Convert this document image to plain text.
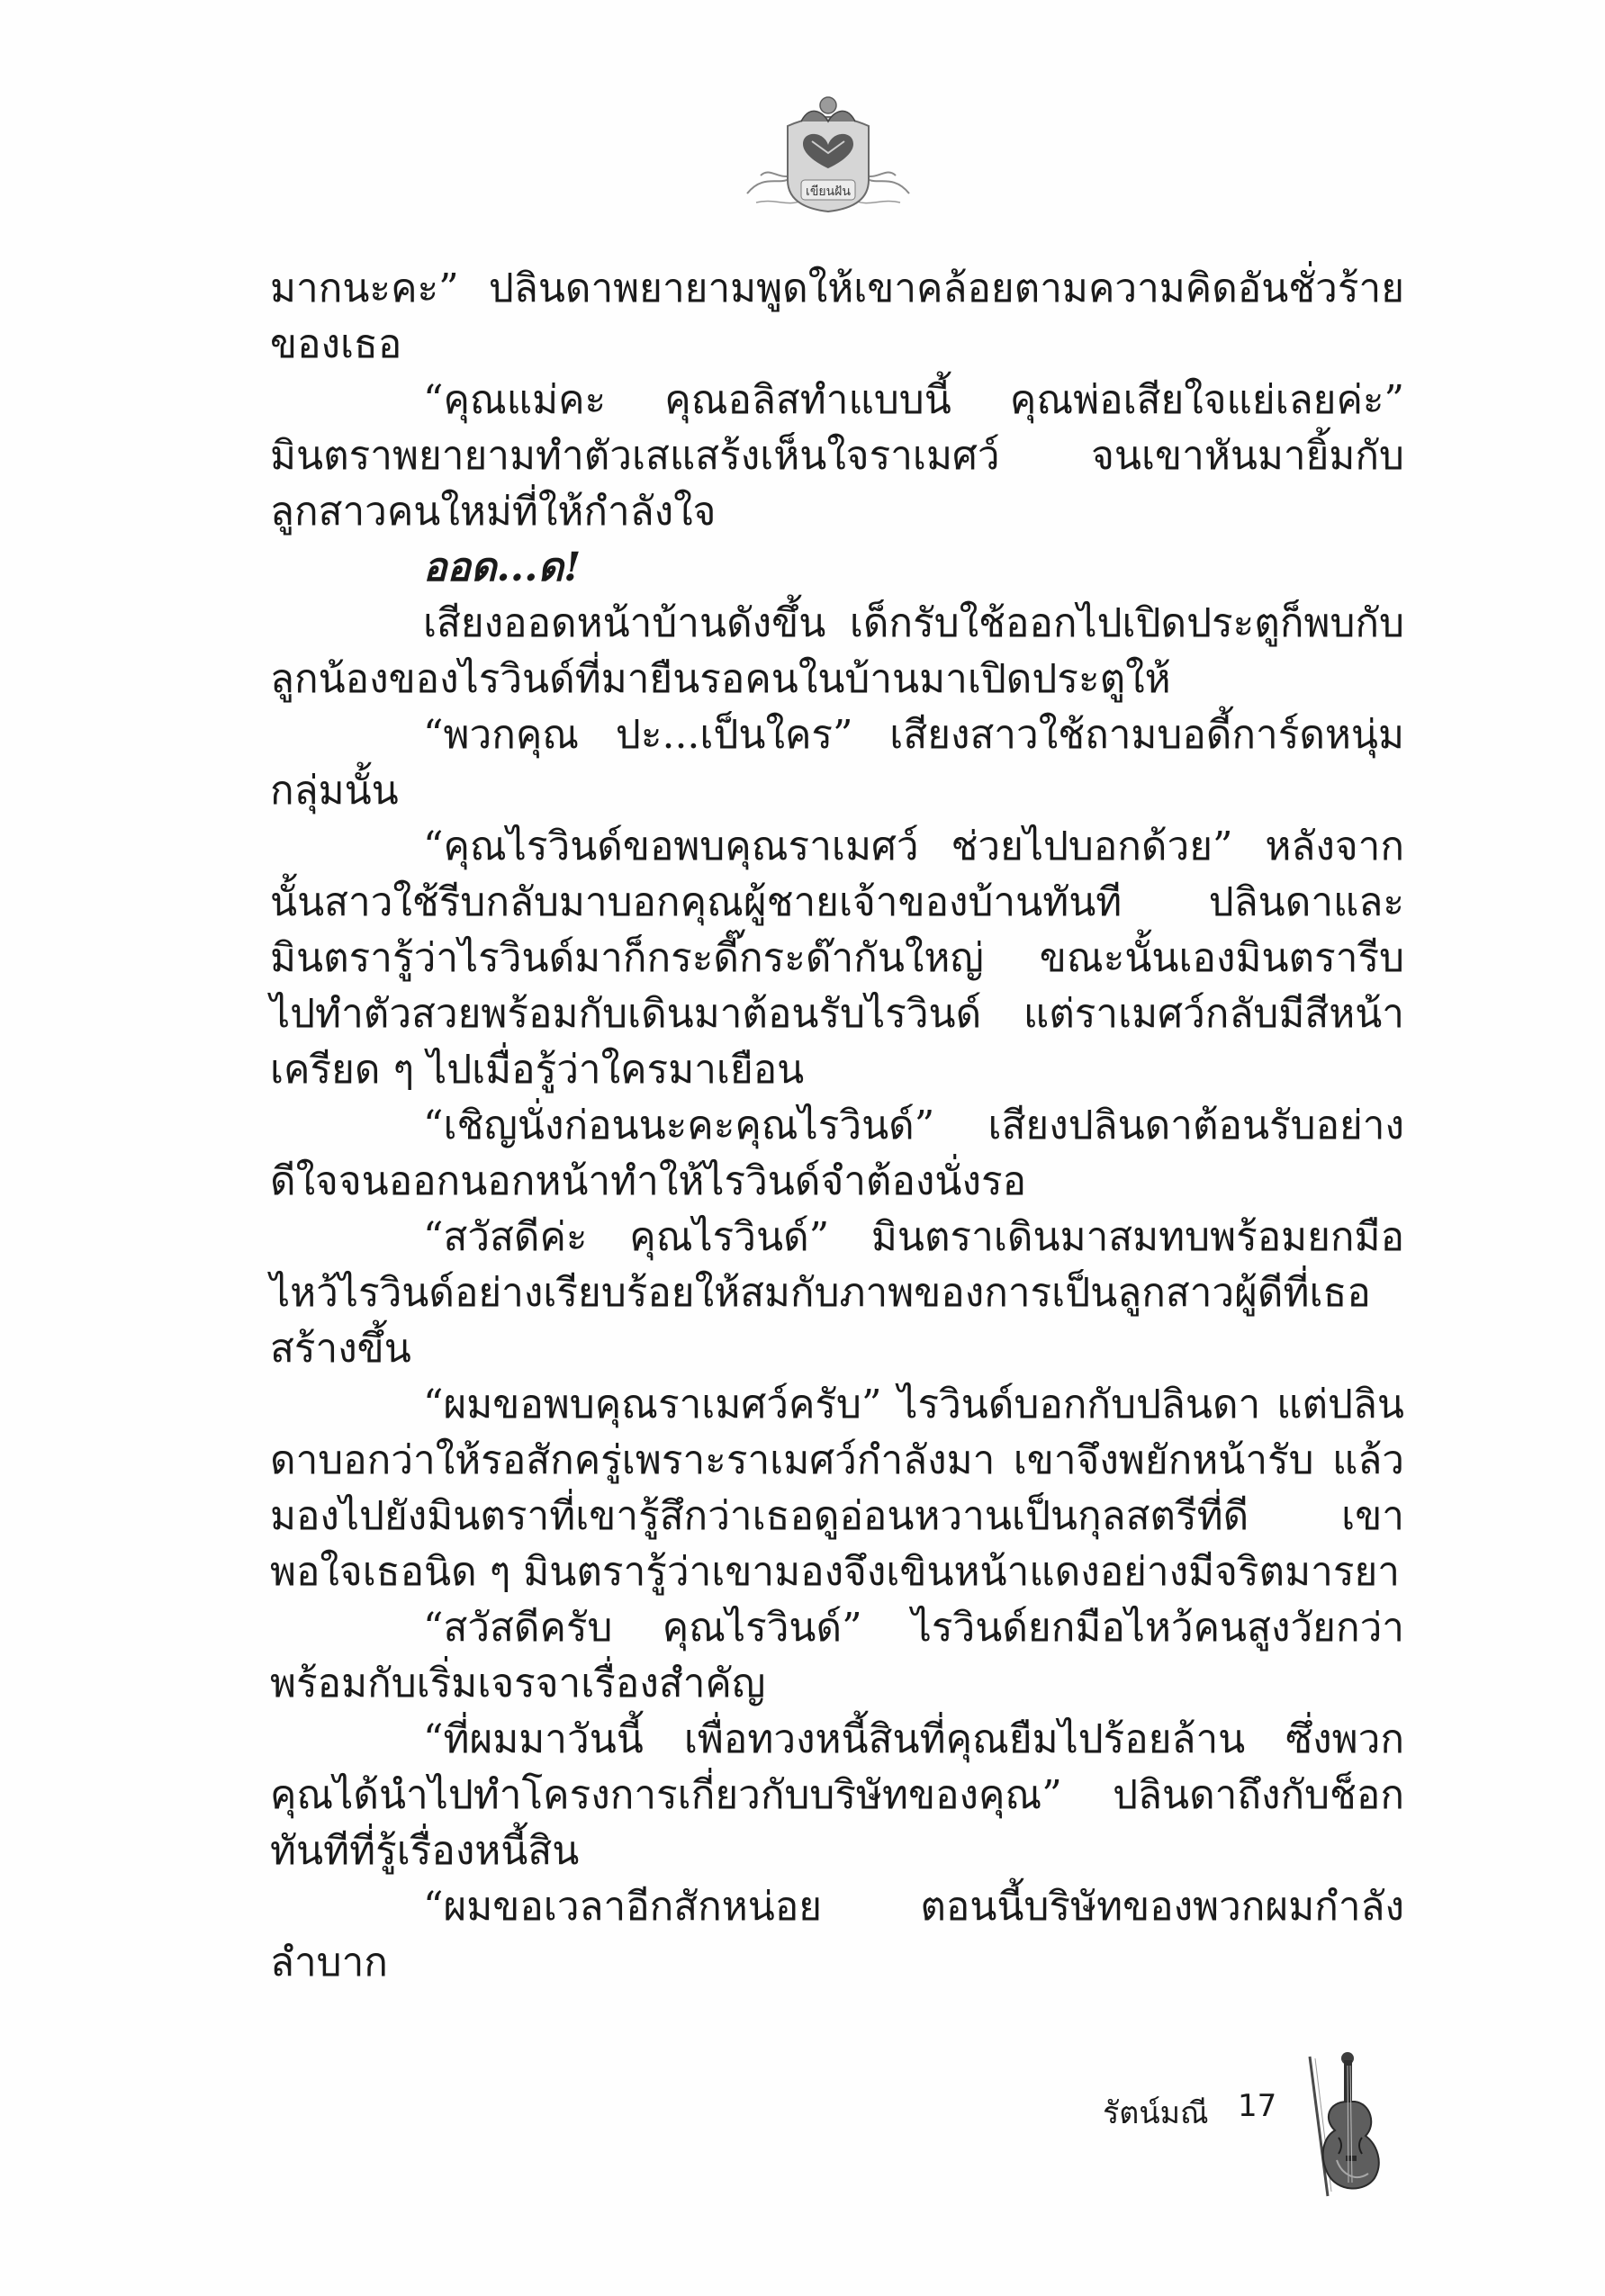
เขียนฝัน

มากนะคะ” ปลินดาพยายามพูดให้เขาคล้อยตามความคิดอันชั่วร้ายของเธอ

“คุณแม่คะ คุณอลิสทำแบบนี้ คุณพ่อเสียใจแย่เลยค่ะ” มินตราพยายามทำตัวเสแสร้งเห็นใจราเมศว์ จนเขาหันมายิ้มกับลูกสาวคนใหม่ที่ให้กำลังใจ

ออด...ด!

เสียงออดหน้าบ้านดังขึ้น เด็กรับใช้ออกไปเปิดประตูก็พบกับลูกน้องของไรวินด์ที่มายืนรอคนในบ้านมาเปิดประตูให้

“พวกคุณ ปะ...เป็นใคร” เสียงสาวใช้ถามบอดี้การ์ดหนุ่มกลุ่มนั้น

“คุณไรวินด์ขอพบคุณราเมศว์ ช่วยไปบอกด้วย” หลังจากนั้นสาวใช้รีบกลับมาบอกคุณผู้ชายเจ้าของบ้านทันที ปลินดาและมินตรารู้ว่าไรวินด์มาก็กระดี๊กระด๊ากันใหญ่ ขณะนั้นเองมินตรารีบไปทำตัวสวยพร้อมกับเดินมาต้อนรับไรวินด์ แต่ราเมศว์กลับมีสีหน้าเครียด ๆ ไปเมื่อรู้ว่าใครมาเยือน

“เชิญนั่งก่อนนะคะคุณไรวินด์” เสียงปลินดาต้อนรับอย่างดีใจจนออกนอกหน้าทำให้ไรวินด์จำต้องนั่งรอ

“สวัสดีค่ะ คุณไรวินด์” มินตราเดินมาสมทบพร้อมยกมือไหว้ไรวินด์อย่างเรียบร้อยให้สมกับภาพของการเป็นลูกสาวผู้ดีที่เธอสร้างขึ้น

“ผมขอพบคุณราเมศว์ครับ” ไรวินด์บอกกับปลินดา แต่ปลินดาบอกว่าให้รอสักครู่เพราะราเมศว์กำลังมา เขาจึงพยักหน้ารับ แล้วมองไปยังมินตราที่เขารู้สึกว่าเธอดูอ่อนหวานเป็นกุลสตรีที่ดี เขาพอใจเธอนิด ๆ มินตรารู้ว่าเขามองจึงเขินหน้าแดงอย่างมีจริตมารยา

“สวัสดีครับ คุณไรวินด์” ไรวินด์ยกมือไหว้คนสูงวัยกว่า พร้อมกับเริ่มเจรจาเรื่องสำคัญ

“ที่ผมมาวันนี้ เพื่อทวงหนี้สินที่คุณยืมไปร้อยล้าน ซึ่งพวกคุณได้นำไปทำโครงการเกี่ยวกับบริษัทของคุณ” ปลินดาถึงกับช็อกทันทีที่รู้เรื่องหนี้สิน

“ผมขอเวลาอีกสักหน่อย ตอนนี้บริษัทของพวกผมกำลังลำบาก

รัตน์มณี 17
